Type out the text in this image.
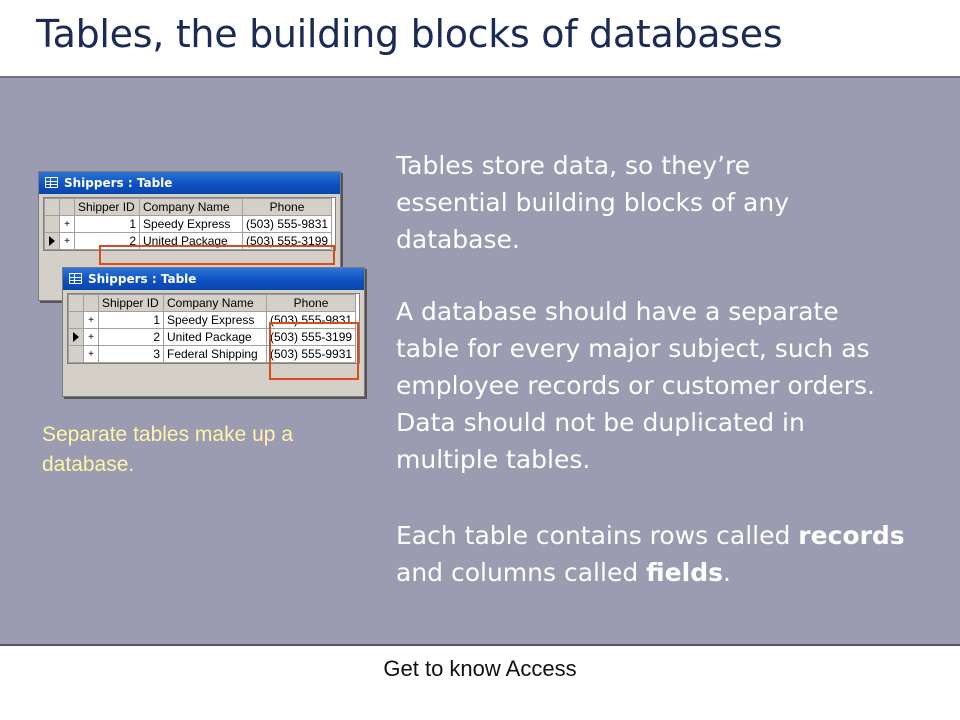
Tables, the building blocks of databases
Shippers : Table
		Shipper ID	Company Name	Phone
	+	1	Speedy Express	(503) 555-9831
	+	2	United Package	(503) 555-3199
Shippers : Table
		Shipper ID	Company Name	Phone
	+	1	Speedy Express	(503) 555-9831
	+	2	United Package	(503) 555-3199
	+	3	Federal Shipping	(503) 555-9931
Separate tables make up a database.

Tables store data, so they’re essential building blocks of any database.

A database should have a separate table for every major subject, such as employee records or customer orders. Data should not be duplicated in multiple tables.

Each table contains rows called records and columns called fields.

Get to know Access
